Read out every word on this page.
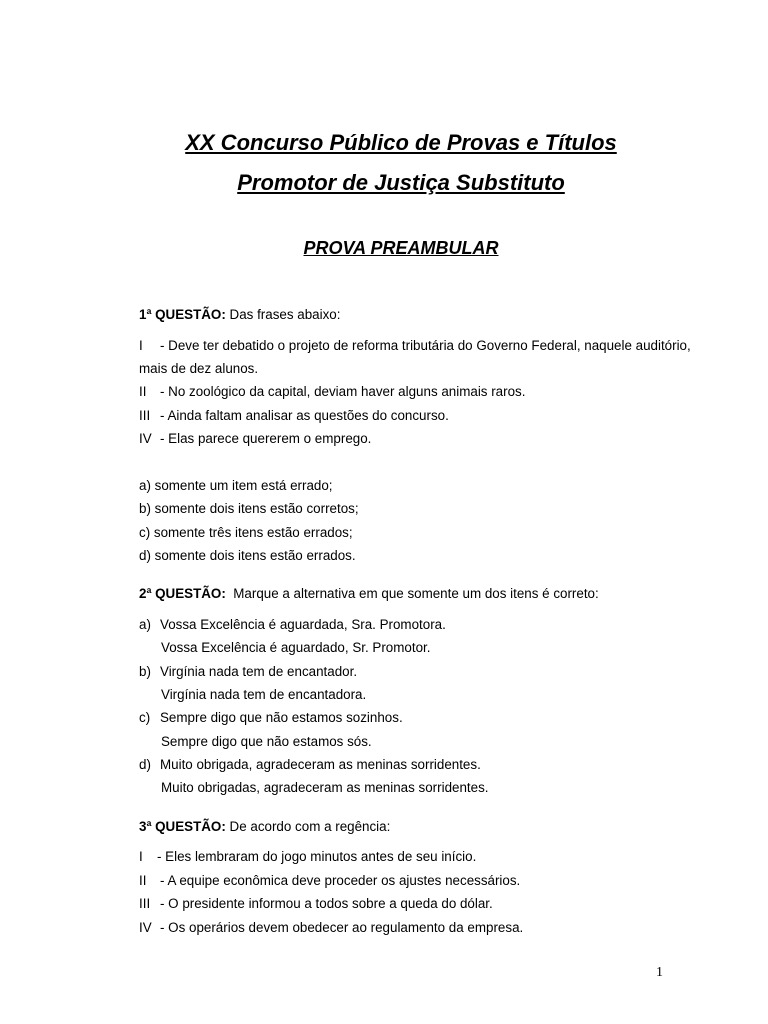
XX Concurso Público de Provas e Títulos
Promotor de Justiça Substituto
PROVA PREAMBULAR
1ª QUESTÃO: Das frases abaixo:
I - Deve ter debatido o projeto de reforma tributária do Governo Federal, naquele auditório,
mais de dez alunos.
II - No zoológico da capital, deviam haver alguns animais raros.
III - Ainda faltam analisar as questões do concurso.
IV - Elas parece quererem o emprego.
a) somente um item está errado;
b) somente dois itens estão corretos;
c) somente três itens estão errados;
d) somente dois itens estão errados.
2ª QUESTÃO: Marque a alternativa em que somente um dos itens é correto:
a) Vossa Excelência é aguardada, Sra. Promotora.
Vossa Excelência é aguardado, Sr. Promotor.
b) Virgínia nada tem de encantador.
Virgínia nada tem de encantadora.
c) Sempre digo que não estamos sozinhos.
Sempre digo que não estamos sós.
d) Muito obrigada, agradeceram as meninas sorridentes.
Muito obrigadas, agradeceram as meninas sorridentes.
3ª QUESTÃO: De acordo com a regência:
I - Eles lembraram do jogo minutos antes de seu início.
II - A equipe econômica deve proceder os ajustes necessários.
III - O presidente informou a todos sobre a queda do dólar.
IV - Os operários devem obedecer ao regulamento da empresa.
1
